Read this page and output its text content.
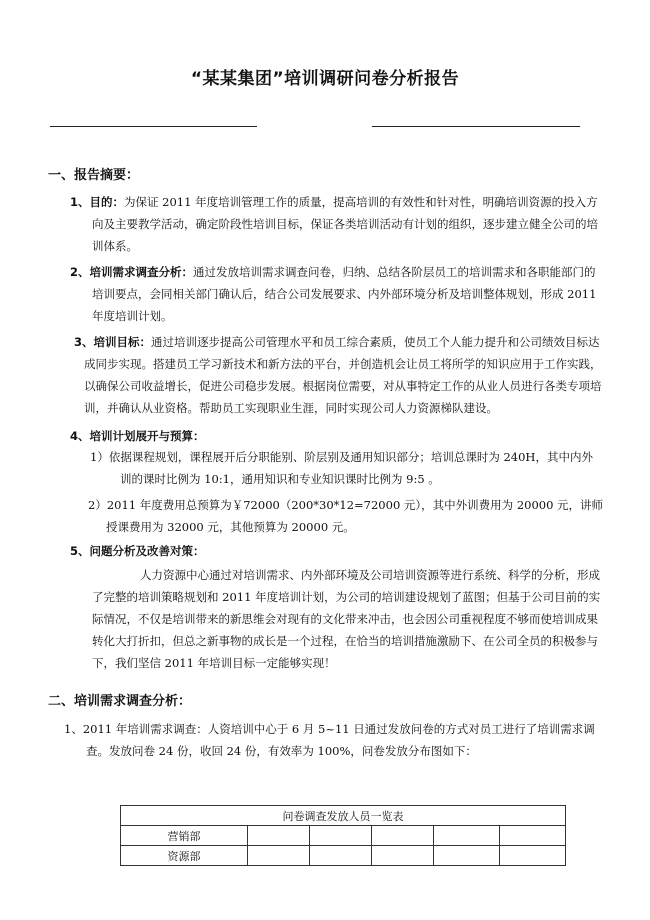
“某某集团”培训调研问卷分析报告
一、报告摘要：
1、目的：为保证 2011 年度培训管理工作的质量，提高培训的有效性和针对性，明确培训资源的投入方向及主要教学活动，确定阶段性培训目标，保证各类培训活动有计划的组织，逐步建立健全公司的培训体系。
2、培训需求调查分析：通过发放培训需求调查问卷，归纳、总结各阶层员工的培训需求和各职能部门的培训要点，会同相关部门确认后，结合公司发展要求、内外部环境分析及培训整体规划，形成 2011 年度培训计划。
3、培训目标：通过培训逐步提高公司管理水平和员工综合素质，使员工个人能力提升和公司绩效目标达成同步实现。搭建员工学习新技术和新方法的平台，并创造机会让员工将所学的知识应用于工作实践，以确保公司收益增长，促进公司稳步发展。根据岗位需要，对从事特定工作的从业人员进行各类专项培训，并确认从业资格。帮助员工实现职业生涯，同时实现公司人力资源梯队建设。
4、培训计划展开与预算：
1）依据课程规划，课程展开后分职能别、阶层别及通用知识部分；培训总课时为 240H，其中内外训的课时比例为 10:1，通用知识和专业知识课时比例为 9:5 。
2）2011 年度费用总预算为￥72000（200*30*12=72000 元），其中外训费用为 20000 元，讲师授课费用为 32000 元，其他预算为 20000 元。
5、问题分析及改善对策：
人力资源中心通过对培训需求、内外部环境及公司培训资源等进行系统、科学的分析，形成了完整的培训策略规划和 2011 年度培训计划，为公司的培训建设规划了蓝图；但基于公司目前的实际情况，不仅是培训带来的新思维会对现有的文化带来冲击，也会因公司重视程度不够而使培训成果转化大打折扣，但总之新事物的成长是一个过程，在恰当的培训措施激励下、在公司全员的积极参与下，我们坚信 2011 年培训目标一定能够实现！
二、培训需求调查分析：
1、2011 年培训需求调查：人资培训中心于 6 月 5~11 日通过发放问卷的方式对员工进行了培训需求调查。发放问卷 24 份，收回 24 份，有效率为 100%，问卷发放分布图如下：
问卷调查发放人员一览表					
营销部					
资源部					
